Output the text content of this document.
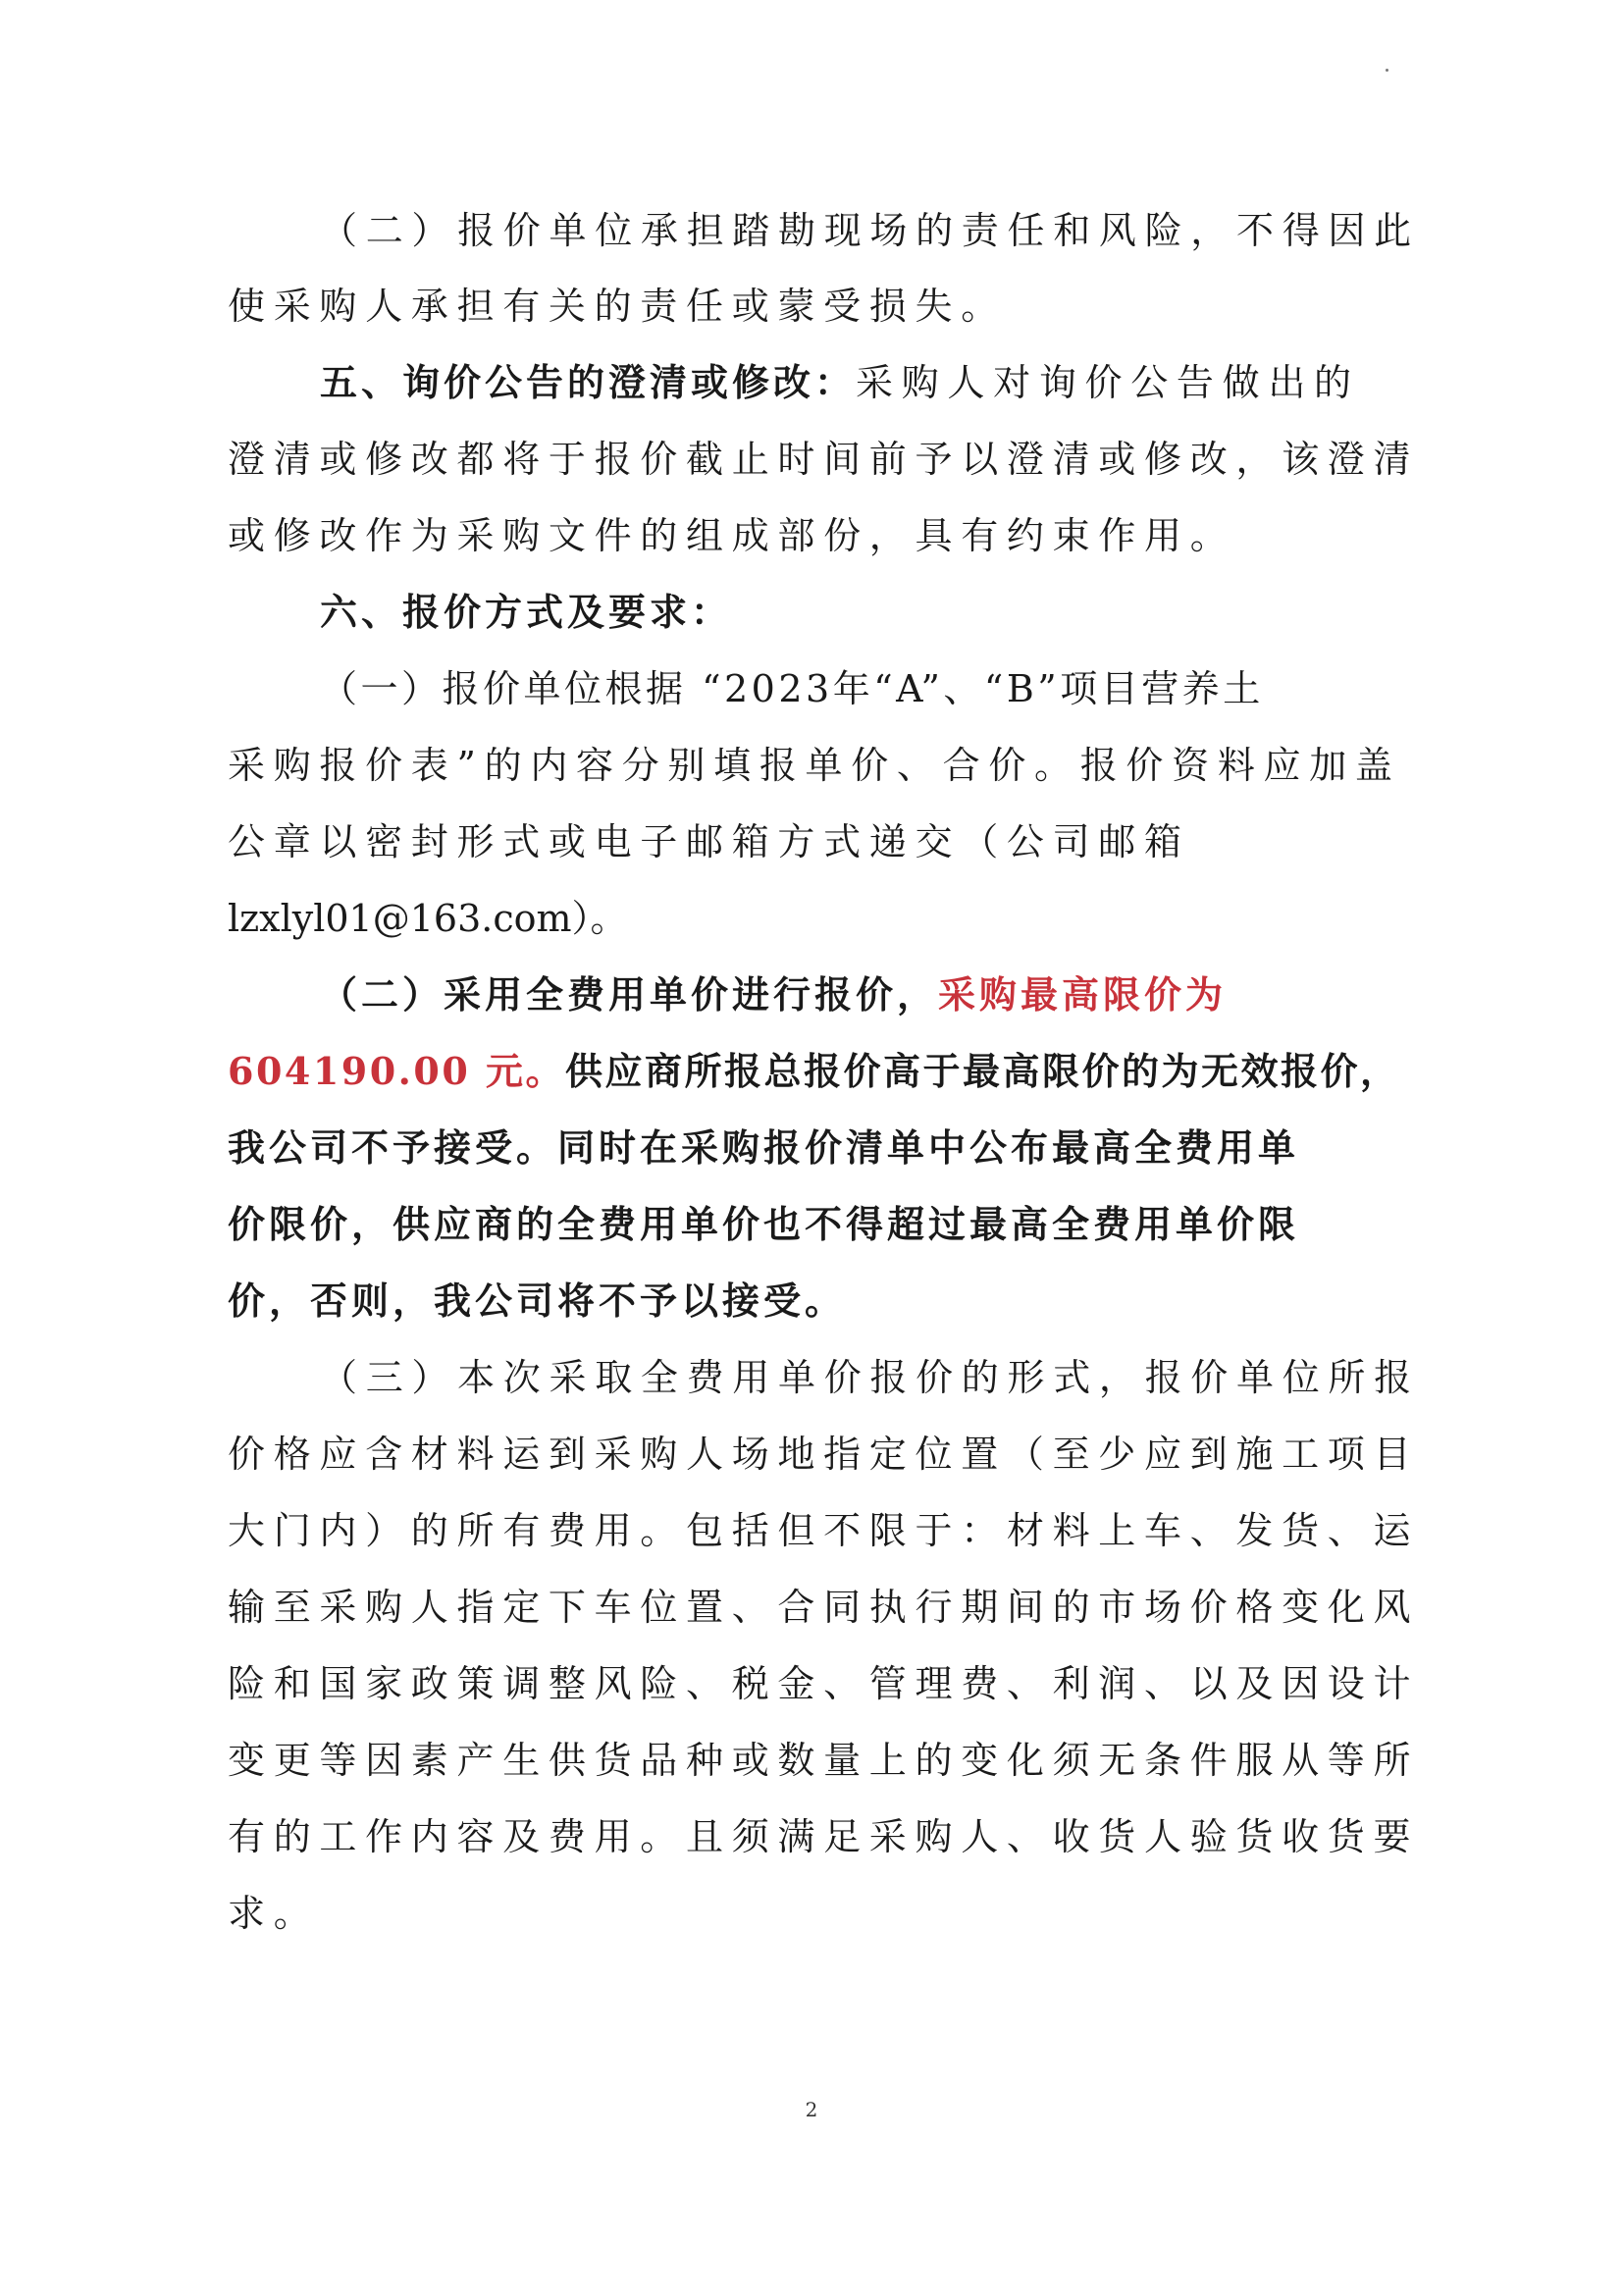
（二）报价单位承担踏勘现场的责任和风险，不得因此
使采购人承担有关的责任或蒙受损失。
五、询价公告的澄清或修改：采购人对询价公告做出的
澄清或修改都将于报价截止时间前予以澄清或修改，该澄清
或修改作为采购文件的组成部份，具有约束作用。
六、报价方式及要求：
（一）报价单位根据 “2023年“A”、“B”项目营养土
采购报价表”的内容分别填报单价、合价。报价资料应加盖
公章以密封形式或电子邮箱方式递交（公司邮箱
lzxlyl01@163.com）。
（二）采用全费用单价进行报价，采购最高限价为
604190.00 元。供应商所报总报价高于最高限价的为无效报价，
我公司不予接受。同时在采购报价清单中公布最高全费用单
价限价，供应商的全费用单价也不得超过最高全费用单价限
价，否则，我公司将不予以接受。
（三）本次采取全费用单价报价的形式，报价单位所报
价格应含材料运到采购人场地指定位置（至少应到施工项目
大门内）的所有费用。包括但不限于：材料上车、发货、运
输至采购人指定下车位置、合同执行期间的市场价格变化风
险和国家政策调整风险、税金、管理费、利润、以及因设计
变更等因素产生供货品种或数量上的变化须无条件服从等所
有的工作内容及费用。且须满足采购人、收货人验货收货要
求。
2
